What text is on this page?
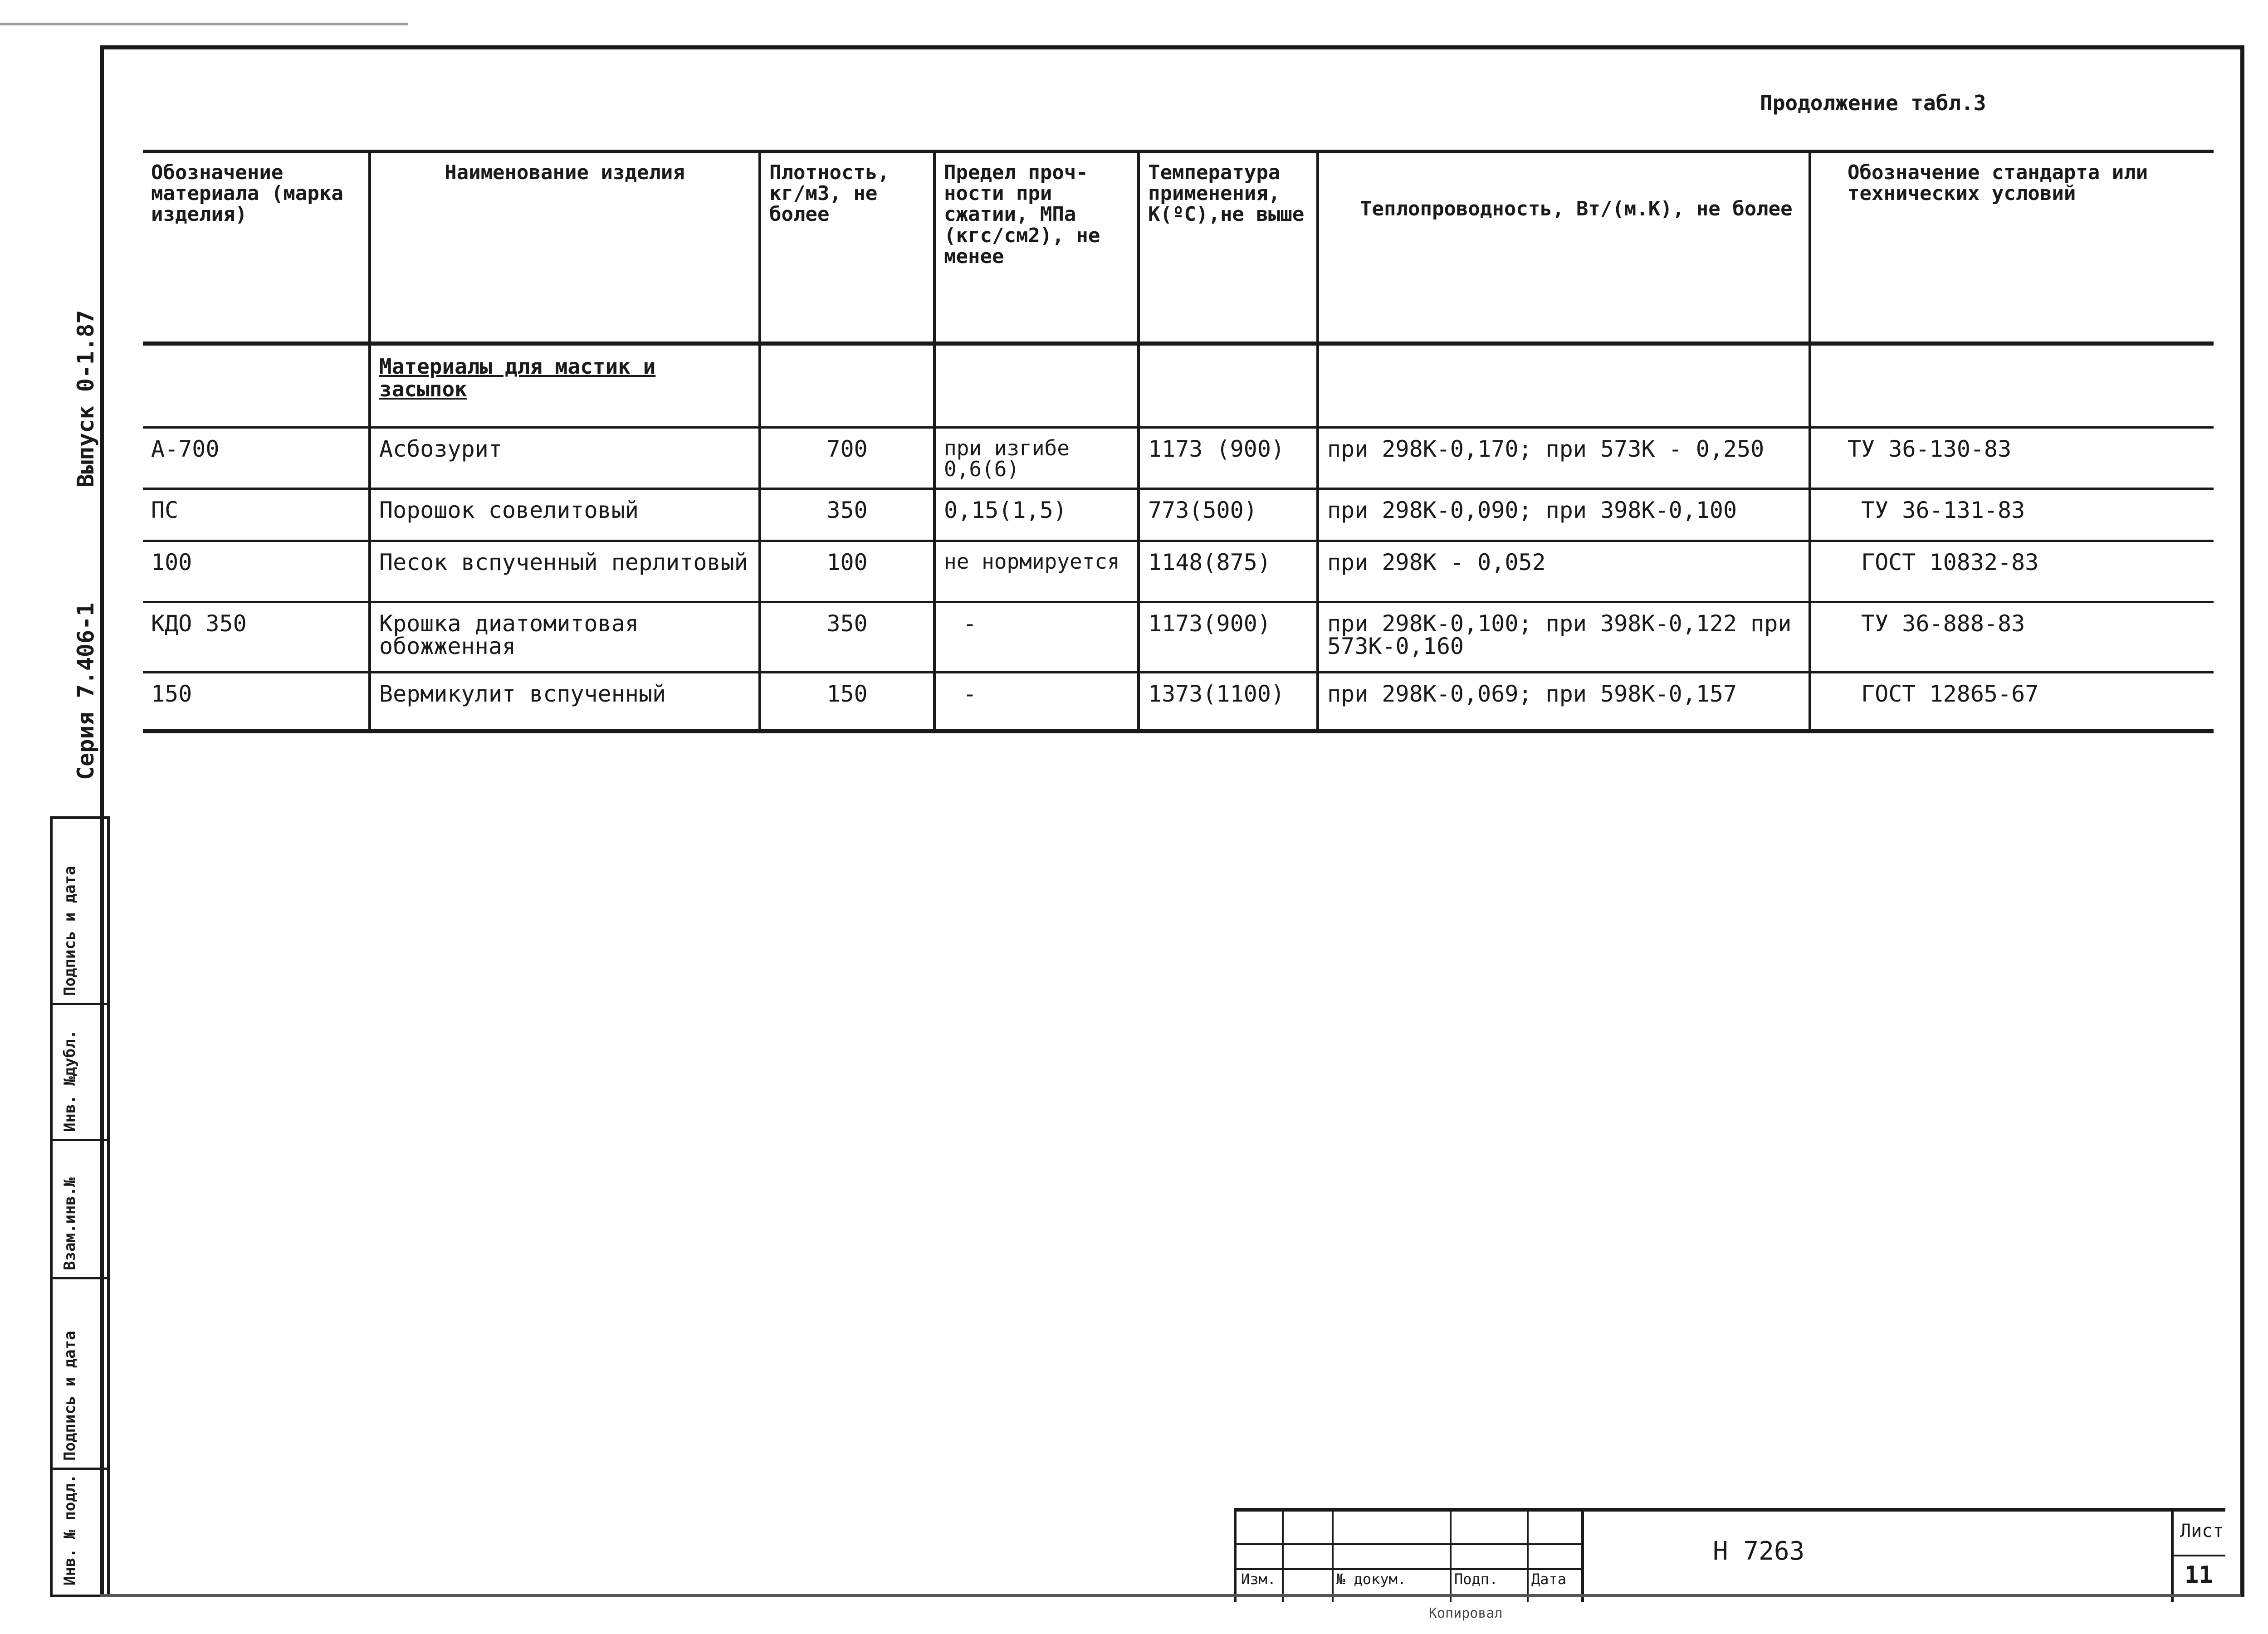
Продолжение табл.3
Обозначение материала (марка изделия)	Наименование изделия	Плотность, кг/м3, не более	Предел проч- ности при сжатии, МПа (кгс/см2), не менее	Температура применения, К(ºС),не выше	Теплопроводность, Вт/(м.К), не более	Обозначение стандарта или технических условий
	Материалы для мастик и засыпок					
А-700	Асбозурит	700	при изгибе 0,6(6)	1173 (900)	при 298К-0,170; при 573К - 0,250	ТУ 36-130-83
ПС	Порошок совелитовый	350	0,15(1,5)	773(500)	при 298К-0,090; при 398К-0,100	ТУ 36-131-83
100	Песок вспученный перлитовый	100	не нормируется	1148(875)	при 298К - 0,052	ГОСТ 10832-83
КДО 350	Крошка диатомитовая обожженная	350	-	1173(900)	при 298К-0,100; при 398К-0,122 при 573К-0,160	ТУ 36-888-83
150	Вермикулит вспученный	150	-	1373(1100)	при 298К-0,069; при 598К-0,157	ГОСТ 12865-67
Выпуск 0-1.87
Серия 7.406-1
Подпись и дата
Инв. №дубл.
Взам.инв.№
Подпись и дата
Инв. № подл.	Изм.	№ докум.	Подп. Дата
Н 7263
Лист
11
Копировал
